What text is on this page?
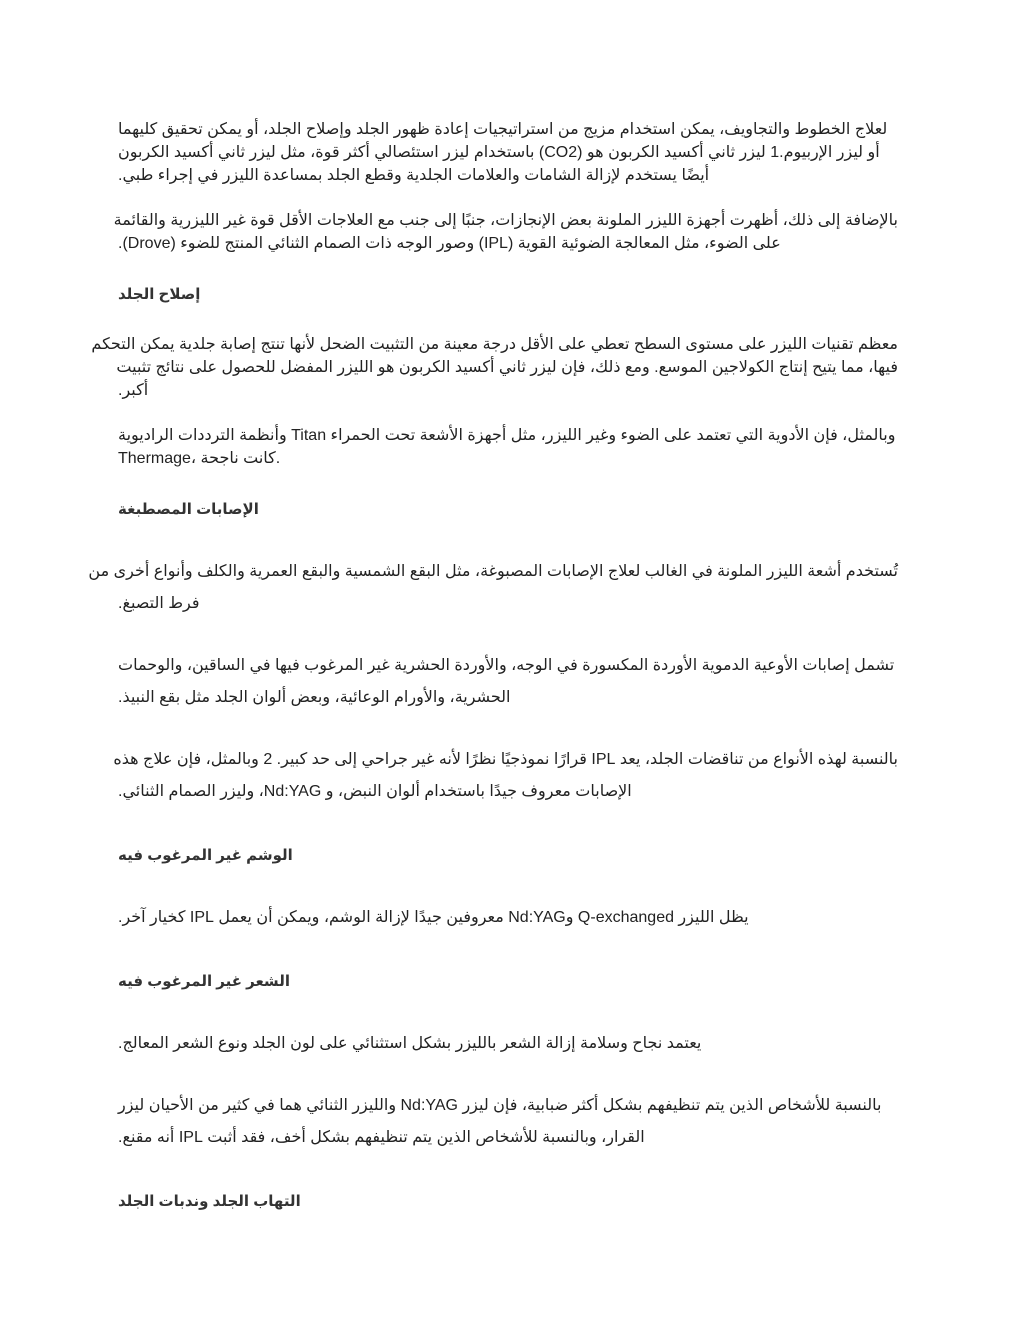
لعلاج الخطوط والتجاويف، يمكن استخدام مزيج من استراتيجيات إعادة ظهور الجلد وإصلاح الجلد، أو يمكن تحقيق كليهما
أو ليزر الإربيوم.1 ليزر ثاني أكسيد الكربون هو (CO2) باستخدام ليزر استئصالي أكثر قوة، مثل ليزر ثاني أكسيد الكربون
أيضًا يستخدم لإزالة الشامات والعلامات الجلدية وقطع الجلد بمساعدة الليزر في إجراء طبي.

بالإضافة إلى ذلك، أظهرت أجهزة الليزر الملونة بعض الإنجازات، جنبًا إلى جنب مع العلاجات الأقل قوة غير الليزرية والقائمة
على الضوء، مثل المعالجة الضوئية القوية (IPL) وصور الوجه ذات الصمام الثنائي المنتج للضوء (Drove).

إصلاح الجلد

معظم تقنيات الليزر على مستوى السطح تعطي على الأقل درجة معينة من التثبيت الضحل لأنها تنتج إصابة جلدية يمكن التحكم
فيها، مما يتيح إنتاج الكولاجين الموسع. ومع ذلك، فإن ليزر ثاني أكسيد الكربون هو الليزر المفضل للحصول على نتائج تثبيت
أكبر.

وبالمثل، فإن الأدوية التي تعتمد على الضوء وغير الليزر، مثل أجهزة الأشعة تحت الحمراء Titan وأنظمة الترددات الراديوية
Thermage، كانت ناجحة.

الإصابات المصطبغة

تُستخدم أشعة الليزر الملونة في الغالب لعلاج الإصابات المصبوغة، مثل البقع الشمسية والبقع العمرية والكلف وأنواع أخرى من
فرط التصبغ.

تشمل إصابات الأوعية الدموية الأوردة المكسورة في الوجه، والأوردة الحشرية غير المرغوب فيها في الساقين، والوحمات
الحشرية، والأورام الوعائية، وبعض ألوان الجلد مثل بقع النبيذ.

بالنسبة لهذه الأنواع من تناقضات الجلد، يعد IPL قرارًا نموذجيًا نظرًا لأنه غير جراحي إلى حد كبير. 2 وبالمثل، فإن علاج هذه
الإصابات معروف جيدًا باستخدام ألوان النبض، و Nd:YAG، وليزر الصمام الثنائي.

الوشم غير المرغوب فيه

يظل الليزر Q-exchanged وNd:YAG معروفين جيدًا لإزالة الوشم، ويمكن أن يعمل IPL كخيار آخر.

الشعر غير المرغوب فيه

يعتمد نجاح وسلامة إزالة الشعر بالليزر بشكل استثنائي على لون الجلد ونوع الشعر المعالج.

بالنسبة للأشخاص الذين يتم تنظيفهم بشكل أكثر ضبابية، فإن ليزر Nd:YAG والليزر الثنائي هما في كثير من الأحيان ليزر
القرار، وبالنسبة للأشخاص الذين يتم تنظيفهم بشكل أخف، فقد أثبت IPL أنه مقنع.

التهاب الجلد وندبات الجلد
